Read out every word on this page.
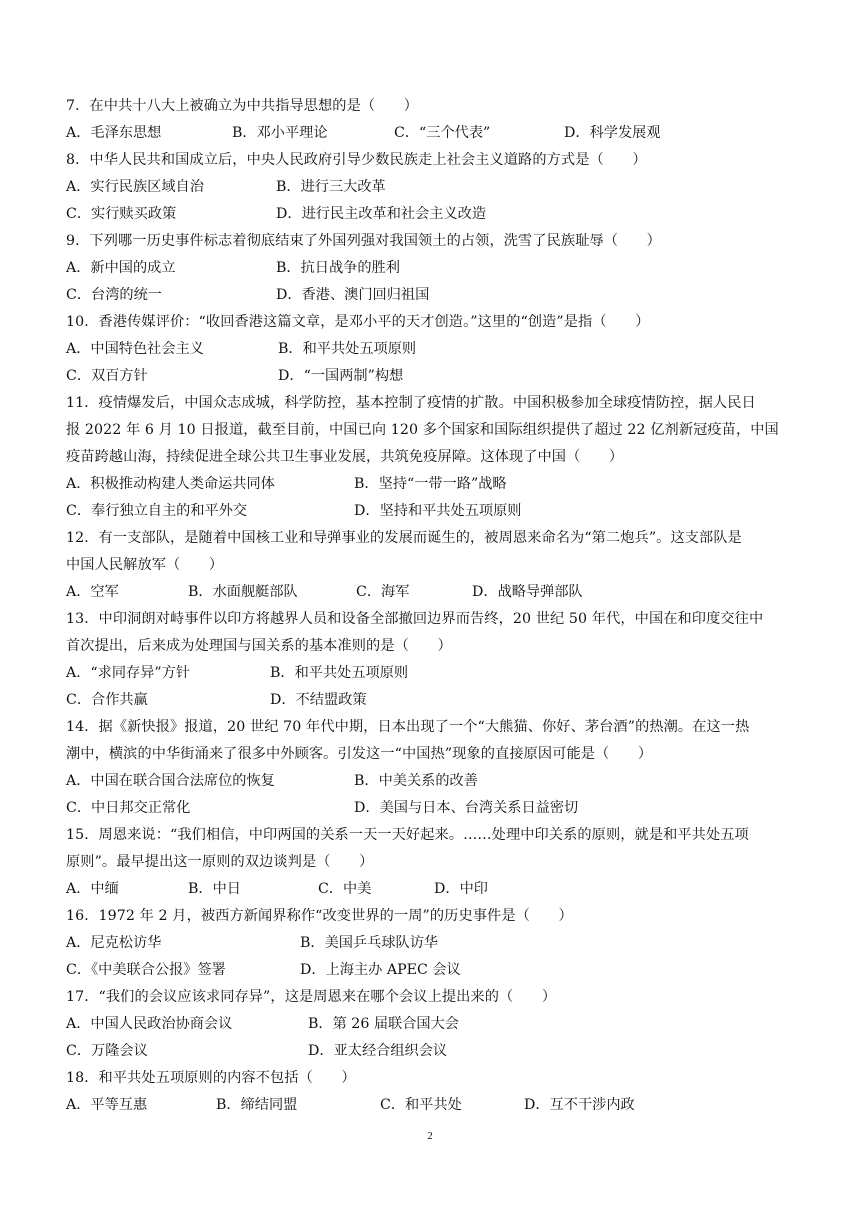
7．在中共十八大上被确立为中共指导思想的是（　　）
A．毛泽东思想	B．邓小平理论	C．“三个代表”	D．科学发展观
8．中华人民共和国成立后，中央人民政府引导少数民族走上社会主义道路的方式是（　　）
A．实行民族区域自治	B．进行三大改革
C．实行赎买政策	D．进行民主改革和社会主义改造
9．下列哪一历史事件标志着彻底结束了外国列强对我国领土的占领，洗雪了民族耻辱（　　）
A．新中国的成立	B．抗日战争的胜利
C．台湾的统一	D．香港、澳门回归祖国
10．香港传媒评价：“收回香港这篇文章，是邓小平的天才创造。”这里的“创造”是指（　　）
A．中国特色社会主义	B．和平共处五项原则
C．双百方针	D．“一国两制”构想
11．疫情爆发后，中国众志成城，科学防控，基本控制了疫情的扩散。中国积极参加全球疫情防控，据人民日
报 2022 年 6 月 10 日报道，截至目前，中国已向 120 多个国家和国际组织提供了超过 22 亿剂新冠疫苗，中国
疫苗跨越山海，持续促进全球公共卫生事业发展，共筑免疫屏障。这体现了中国（　　）
A．积极推动构建人类命运共同体	B．坚持“一带一路”战略
C．奉行独立自主的和平外交	D．坚持和平共处五项原则
12．有一支部队，是随着中国核工业和导弹事业的发展而诞生的，被周恩来命名为“第二炮兵”。这支部队是
中国人民解放军（　　）
A．空军	B．水面舰艇部队	C．海军	D．战略导弹部队
13．中印洞朗对峙事件以印方将越界人员和设备全部撤回边界而告终，20 世纪 50 年代，中国在和印度交往中
首次提出，后来成为处理国与国关系的基本准则的是（　　）
A．“求同存异”方针	B．和平共处五项原则
C．合作共赢	D．不结盟政策
14．据《新快报》报道，20 世纪 70 年代中期，日本出现了一个“大熊猫、你好、茅台酒”的热潮。在这一热
潮中，横滨的中华街涌来了很多中外顾客。引发这一“中国热”现象的直接原因可能是（　　）
A．中国在联合国合法席位的恢复	B．中美关系的改善
C．中日邦交正常化	D．美国与日本、台湾关系日益密切
15．周恩来说：“我们相信，中印两国的关系一天一天好起来。……处理中印关系的原则，就是和平共处五项
原则”。最早提出这一原则的双边谈判是（　　）
A．中缅	B．中日	C．中美	D．中印
16．1972 年 2 月，被西方新闻界称作“改变世界的一周”的历史事件是（　　）
A．尼克松访华	B．美国乒乓球队访华
C．《中美联合公报》签署	D．上海主办 APEC 会议
17．“我们的会议应该求同存异”，这是周恩来在哪个会议上提出来的（　　）
A．中国人民政治协商会议	B．第 26 届联合国大会
C．万隆会议	D．亚太经合组织会议
18．和平共处五项原则的内容不包括（　　）
A．平等互惠	B．缔结同盟	C．和平共处	D．互不干涉内政
2
